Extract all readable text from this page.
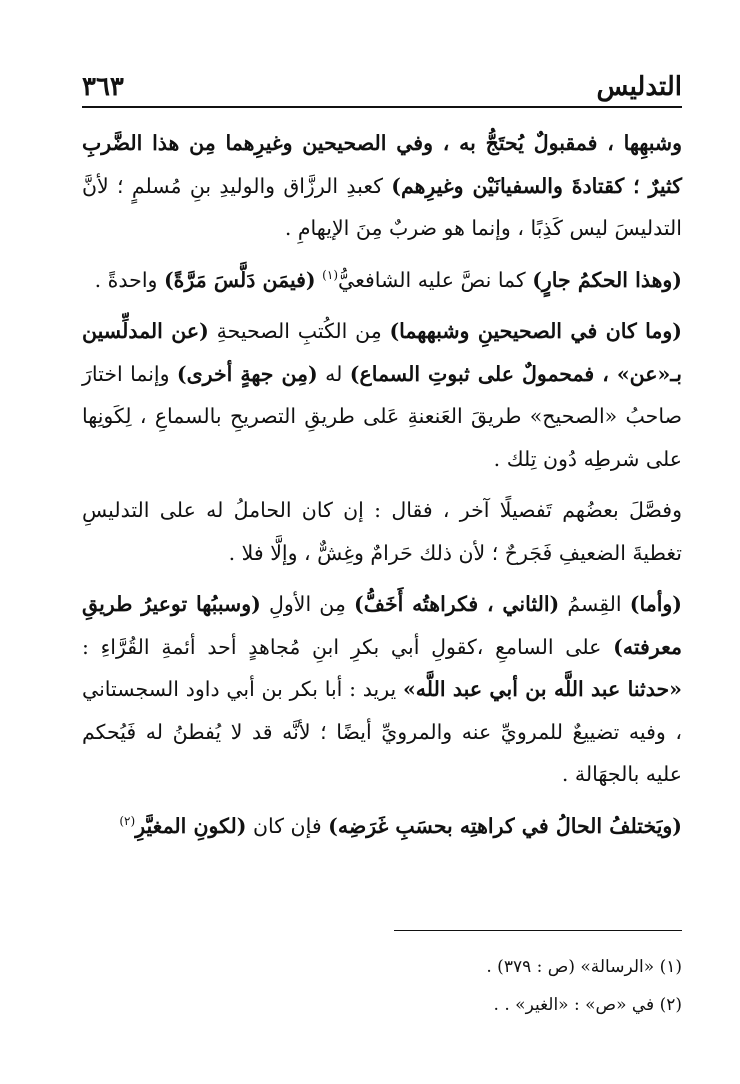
٣٦٣	التدليس

وشبهِها ، فمقبولٌ يُحتَجُّ به ، وفي الصحيحين وغيرِهما مِن هذا الضَّربِ كثيرٌ ؛ كقتادةَ والسفيانَيْن وغيرِهم) كعبدِ الرزَّاق والوليدِ بنِ مُسلمٍ ؛ لأنَّ التدليسَ ليس كَذِبًا ، وإنما هو ضربٌ مِنَ الإيهامِ .

(وهذا الحكمُ جارٍ) كما نصَّ عليه الشافعيُّ$^{(١)}$ (فيمَن دَلَّسَ مَرَّةً) واحدةً .

(وما كان في الصحيحينِ وشبههما) مِن الكُتبِ الصحيحةِ (عن المدلِّسين بـ«عن» ، فمحمولٌ على ثبوتِ السماع) له (مِن جهةٍ أخرى) وإنما اختارَ صاحبُ «الصحيح» طريقَ العَنعنةِ عَلى طريقِ التصريحِ بالسماعِ ، لِكَونِها على شرطِه دُون تِلك .

وفصَّلَ بعضُهم تَفصيلًا آخر ، فقال : إن كان الحاملُ له على التدليسِ تغطيةَ الضعيفِ فَجَرحٌ ؛ لأن ذلك حَرامٌ وغِشٌّ ، وإلَّا فلا .

(وأما) القِسمُ (الثاني ، فكراهتُه أَخَفُّ) مِن الأولِ (وسببُها توعيرُ طريقِ معرفته) على السامعِ ،كقولِ أبي بكرِ ابنِ مُجاهدٍ أحد أئمةِ القُرَّاءِ : «حدثنا عبد اللَّه بن أبي عبد اللَّه» يريد : أبا بكر بن أبي داود السجستاني ، وفيه تضييعٌ للمرويِّ عنه والمرويِّ أيضًا ؛ لأنَّه قد لا يُفطنُ له فَيُحكم عليه بالجهَالة .

(ويَختلفُ الحالُ في كراهتِه بحسَبِ غَرَضِه) فإن كان (لكونِ المغيَّرِ$^{(٢)}$

(١) «الرسالة» (ص : ٣٧٩) .
(٢) في «ص» : «الغير» . .
